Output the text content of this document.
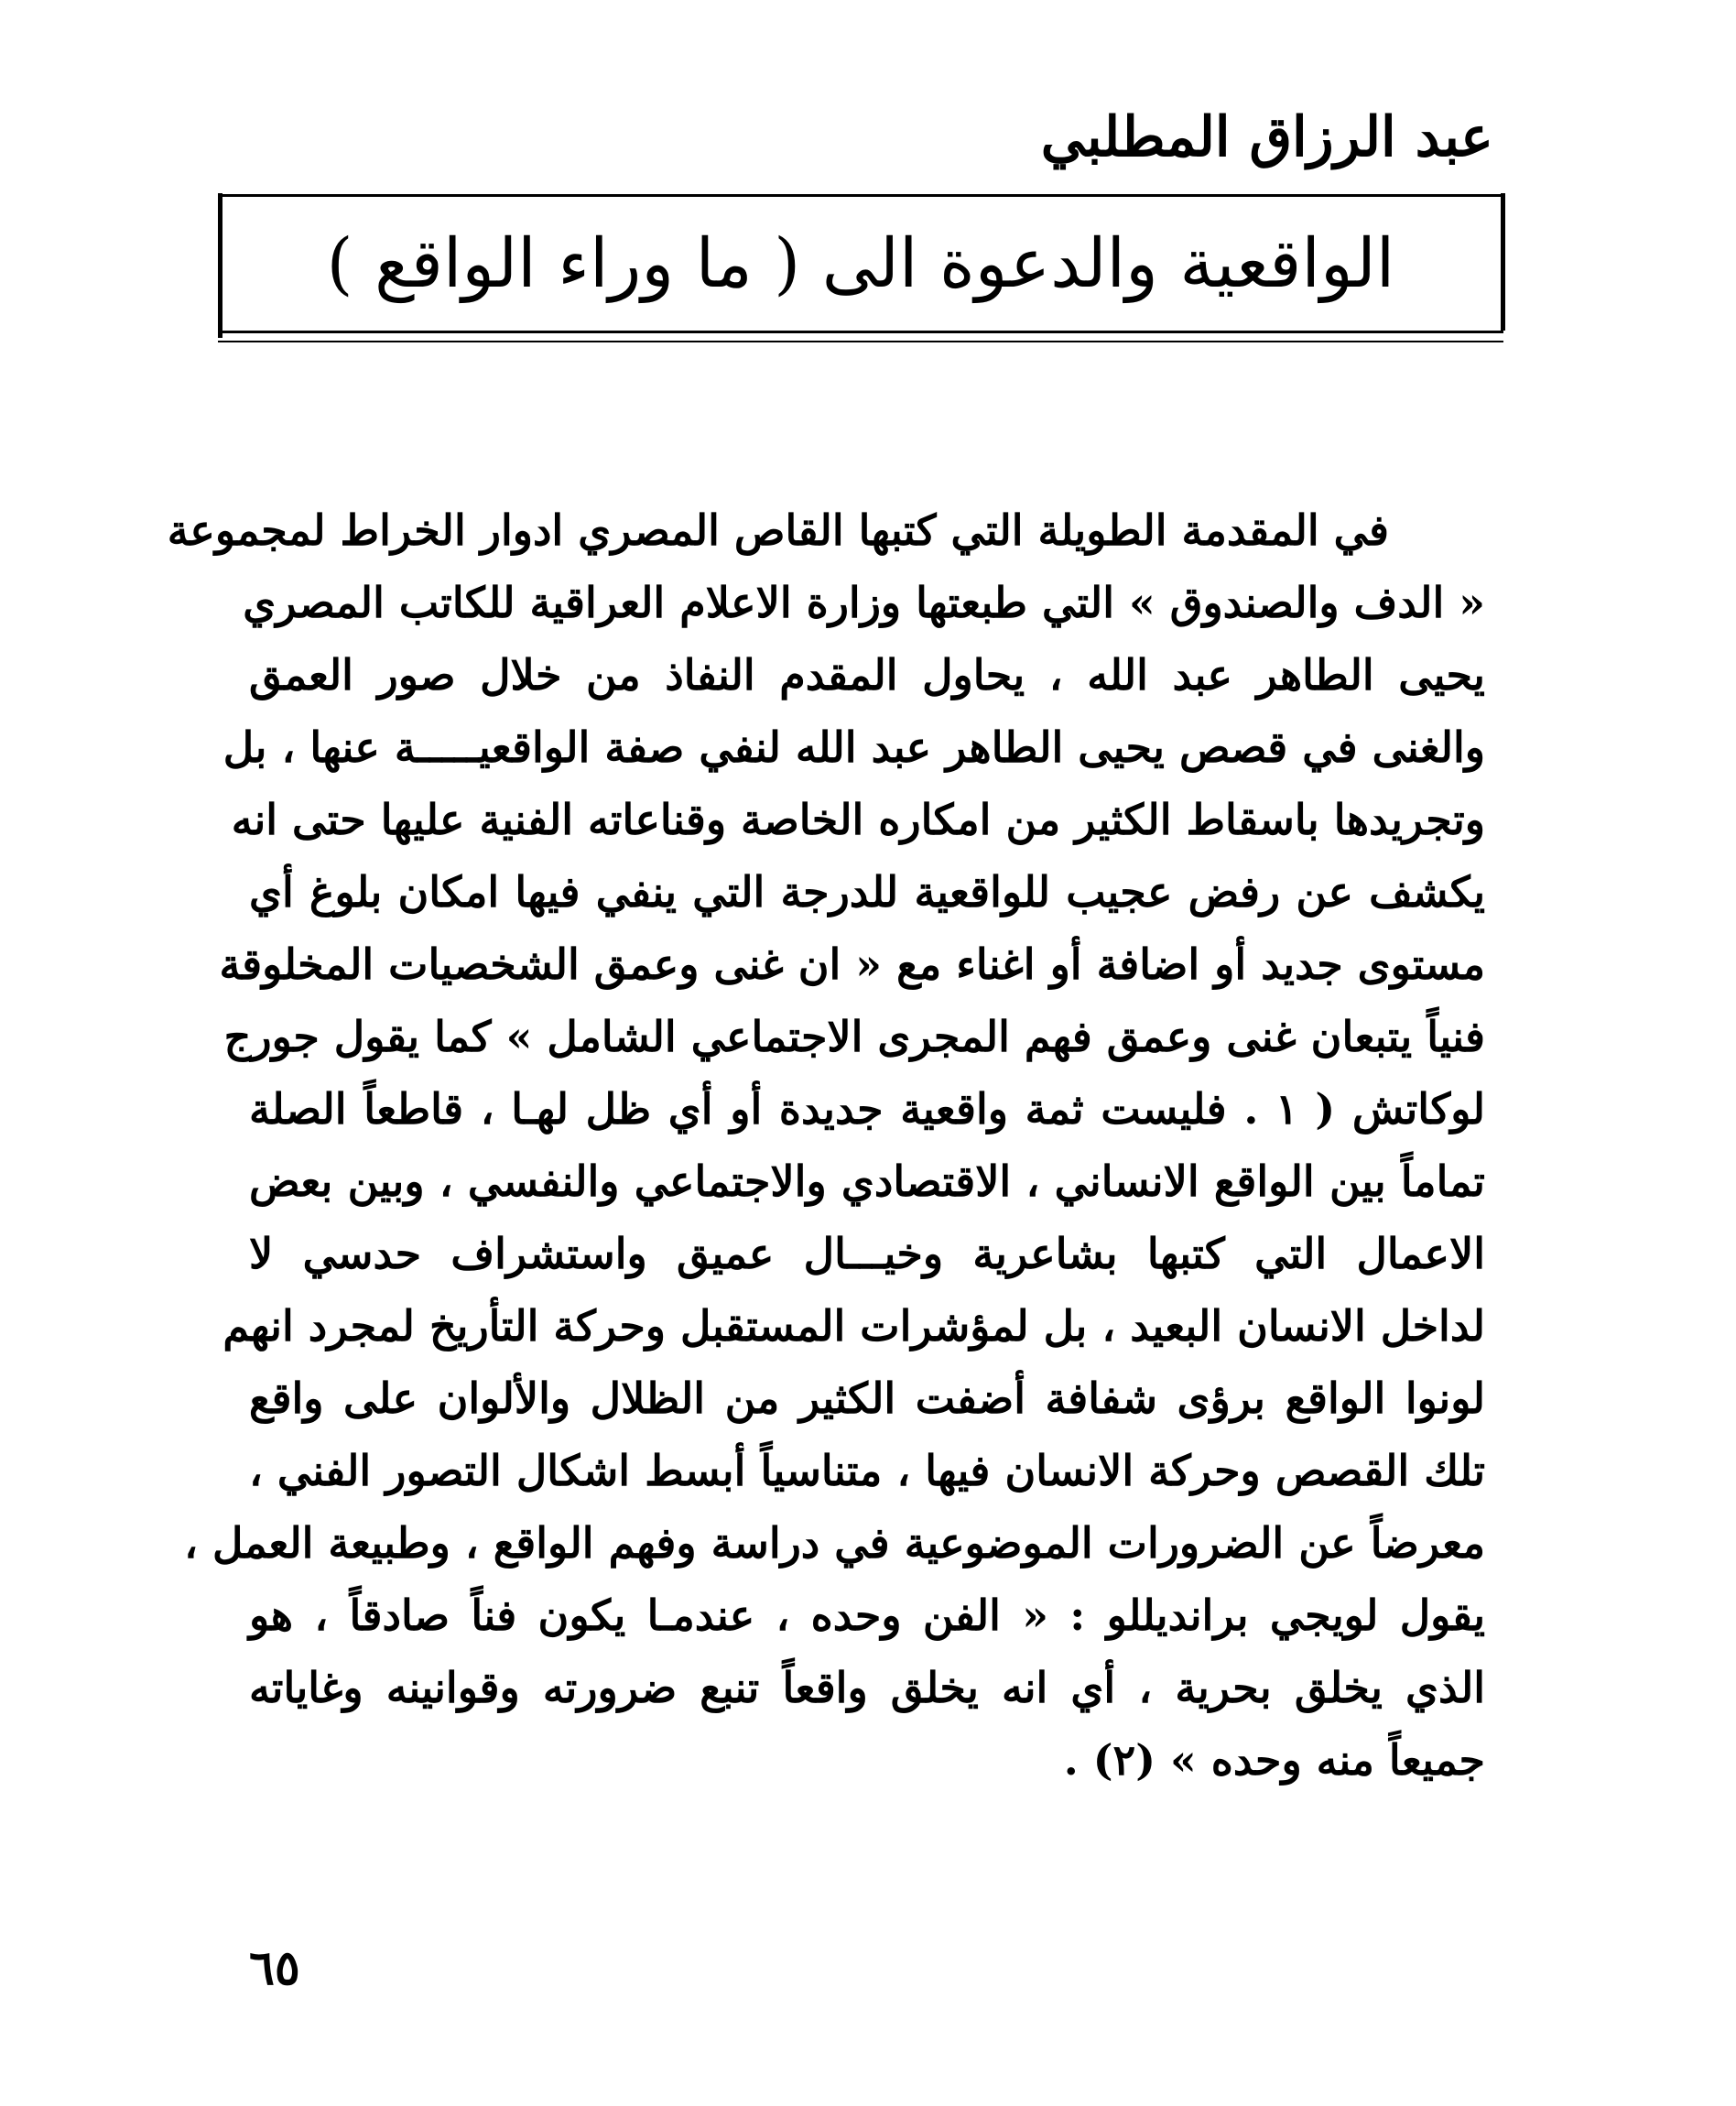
عبد الرزاق المطلبي
الواقعية والدعوة الى ( ما وراء الواقع )
في المقدمة الطويلة التي كتبها القاص المصري ادوار الخراط لمجموعة
« الدف والصندوق » التي طبعتها وزارة الاعلام العراقية للكاتب المصري
يحيى الطاهر عبد الله ، يحاول المقدم النفاذ من خلال صور العمق
والغنى في قصص يحيى الطاهر عبد الله لنفي صفة الواقعيـــــة عنها ، بل
وتجريدها باسقاط الكثير من امكاره الخاصة وقناعاته الفنية عليها حتى انه
يكشف عن رفض عجيب للواقعية للدرجة التي ينفي فيها امكان بلوغ أي
مستوى جديد أو اضافة أو اغناء مع « ان غنى وعمق الشخصيات المخلوقة
فنياً يتبعان غنى وعمق فهم المجرى الاجتماعي الشامل » كما يقول جورج
لوكاتش ( ١ . فليست ثمة واقعية جديدة أو أي ظل لهـا ، قاطعاً الصلة
تماماً بين الواقع الانساني ، الاقتصادي والاجتماعي والنفسي ، وبين بعض
الاعمال التي كتبها بشاعرية وخيـــال عميق واستشراف حدسي لا
لداخل الانسان البعيد ، بل لمؤشرات المستقبل وحركة التأريخ لمجرد انهم
لونوا الواقع برؤى شفافة أضفت الكثير من الظلال والألوان على واقع
تلك القصص وحركة الانسان فيها ، متناسياً أبسط اشكال التصور الفني ،
معرضاً عن الضرورات الموضوعية في دراسة وفهم الواقع ، وطبيعة العمل ،
يقول لويجي برانديللو : « الفن وحده ، عندمـا يكون فناً صادقاً ، هو
الذي يخلق بحرية ، أي انه يخلق واقعاً تنبع ضرورته وقوانينه وغاياته
جميعاً منه وحده » (٢) .
٦٥
